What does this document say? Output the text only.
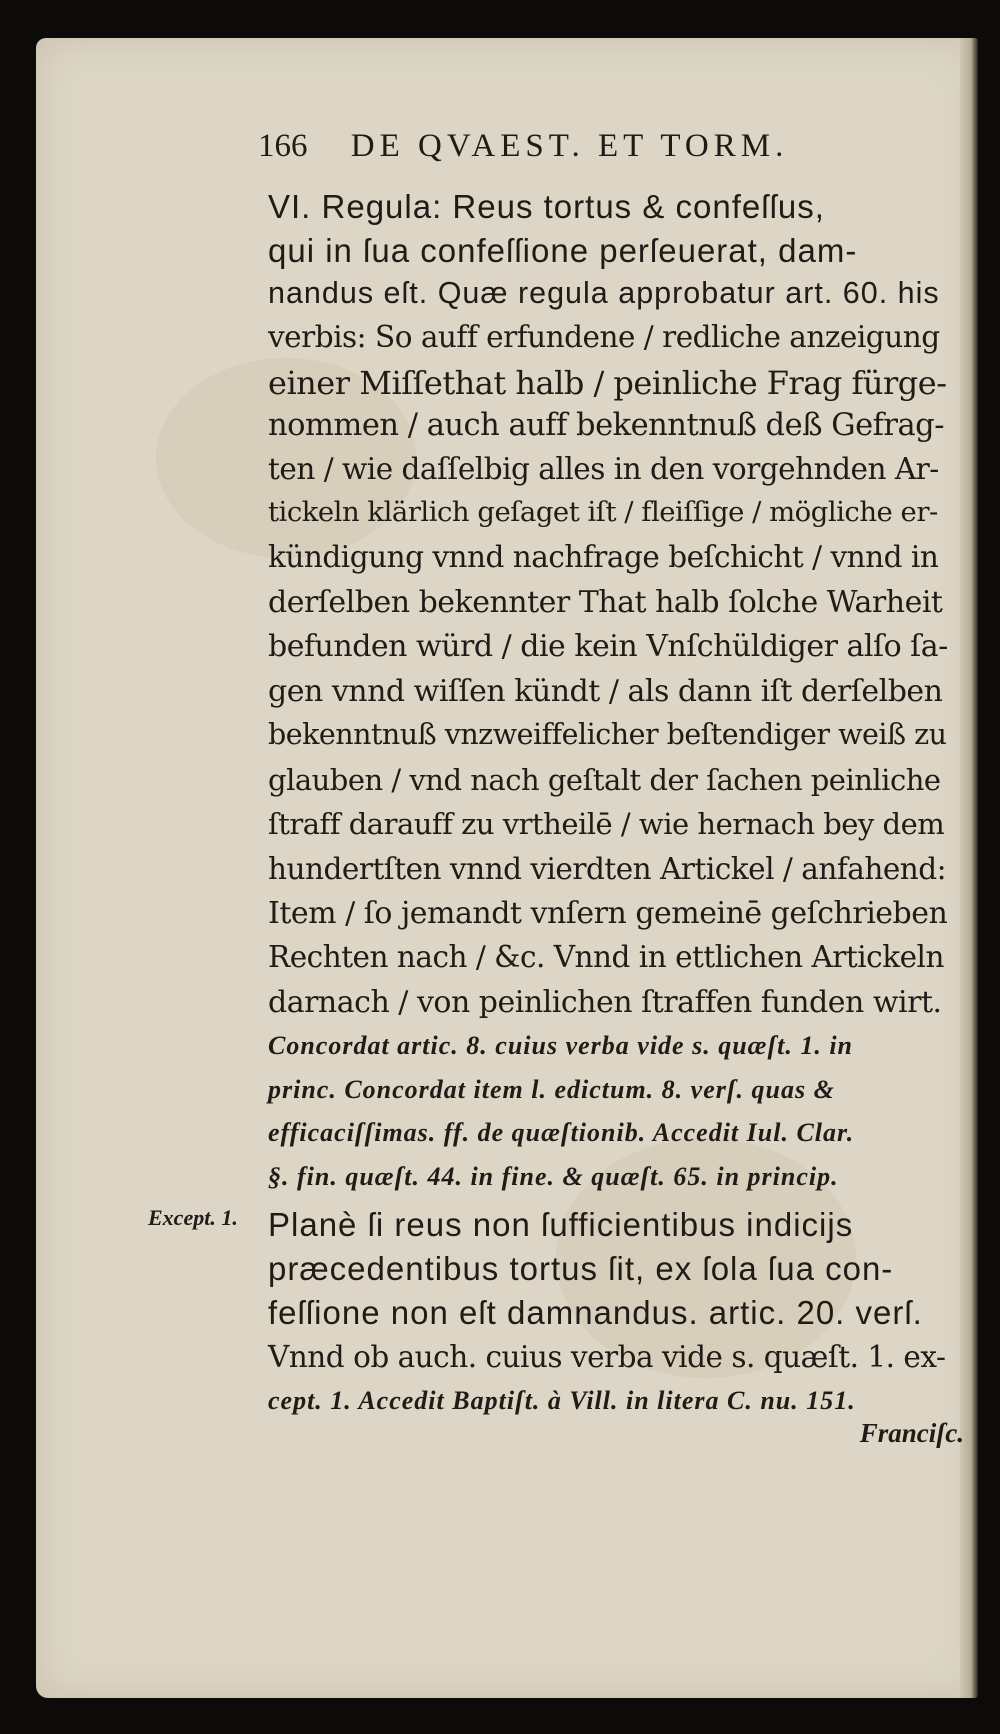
166 DE QVAEST. ET TORM.
VI. Regula: Reus tortus & confeſſus,
qui in ſua confeſſione perſeuerat, dam-
nandus eſt. Quæ regula approbatur art. 60. his
verbis: So auff erfundene / redliche anzeigung
einer Miſſethat halb / peinliche Frag fürge-
nommen / auch auff bekenntnuß deß Gefrag-
ten / wie daſſelbig alles in den vorgehnden Ar-
tickeln klärlich geſaget iſt / fleiſſige / mögliche er-
kündigung vnnd nachfrage beſchicht / vnnd in
derſelben bekennter That halb ſolche Warheit
befunden würd / die kein Vnſchüldiger alſo ſa-
gen vnnd wiſſen kündt / als dann iſt derſelben
bekenntnuß vnzweiffelicher beſtendiger weiß zu
glauben / vnd nach geſtalt der ſachen peinliche
ſtraff darauff zu vrtheilē / wie hernach bey dem
hundertſten vnnd vierdten Artickel / anfahend:
Item / ſo jemandt vnſern gemeinē geſchrieben
Rechten nach / &c. Vnnd in ettlichen Artickeln
darnach / von peinlichen ſtraffen funden wirt.
Concordat artic. 8. cuius verba vide s. quæſt. 1. in
princ. Concordat item l. edictum. 8. verſ. quas &
efficaciſſimas. ff. de quæſtionib. Accedit Iul. Clar.
§. fin. quæſt. 44. in fine. & quæſt. 65. in princip.
Planè ſi reus non ſufficientibus indicijs
præcedentibus tortus ſit, ex ſola ſua con-
feſſione non eſt damnandus. artic. 20. verſ.
Vnnd ob auch. cuius verba vide s. quæſt. 1. ex-
cept. 1. Accedit Baptiſt. à Vill. in litera C. nu. 151.
Except. 1.
Franciſc.
